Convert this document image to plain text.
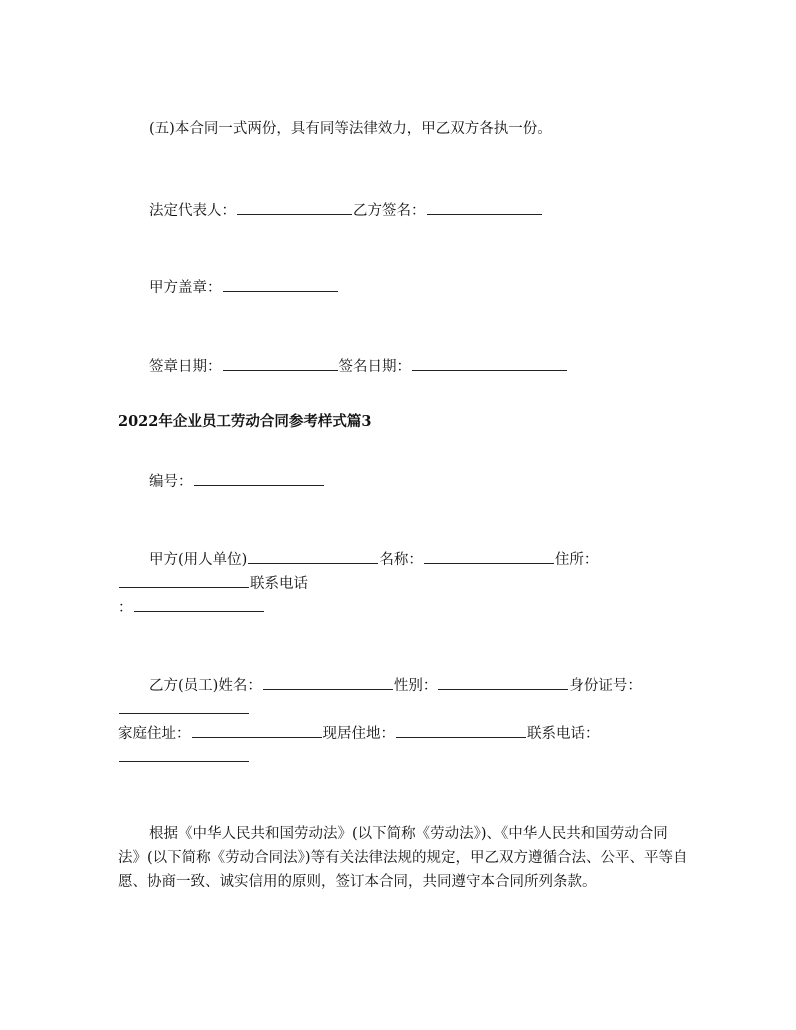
(五)本合同一式两份，具有同等法律效力，甲乙双方各执一份。
法定代表人：	乙方签名：
甲方盖章：
签章日期：	签名日期：
2022年企业员工劳动合同参考样式篇3
编号：
甲方(用人单位)	名称：	住所：
联系电话
：
乙方(员工)姓名：	性别：	身份证号：
家庭住址：	现居住地：	联系电话：
根据《中华人民共和国劳动法》(以下简称《劳动法》)、《中华人民共和国劳动合同法》(以下简称《劳动合同法》)等有关法律法规的规定，甲乙双方遵循合法、公平、平等自愿、协商一致、诚实信用的原则，签订本合同，共同遵守本合同所列条款。
